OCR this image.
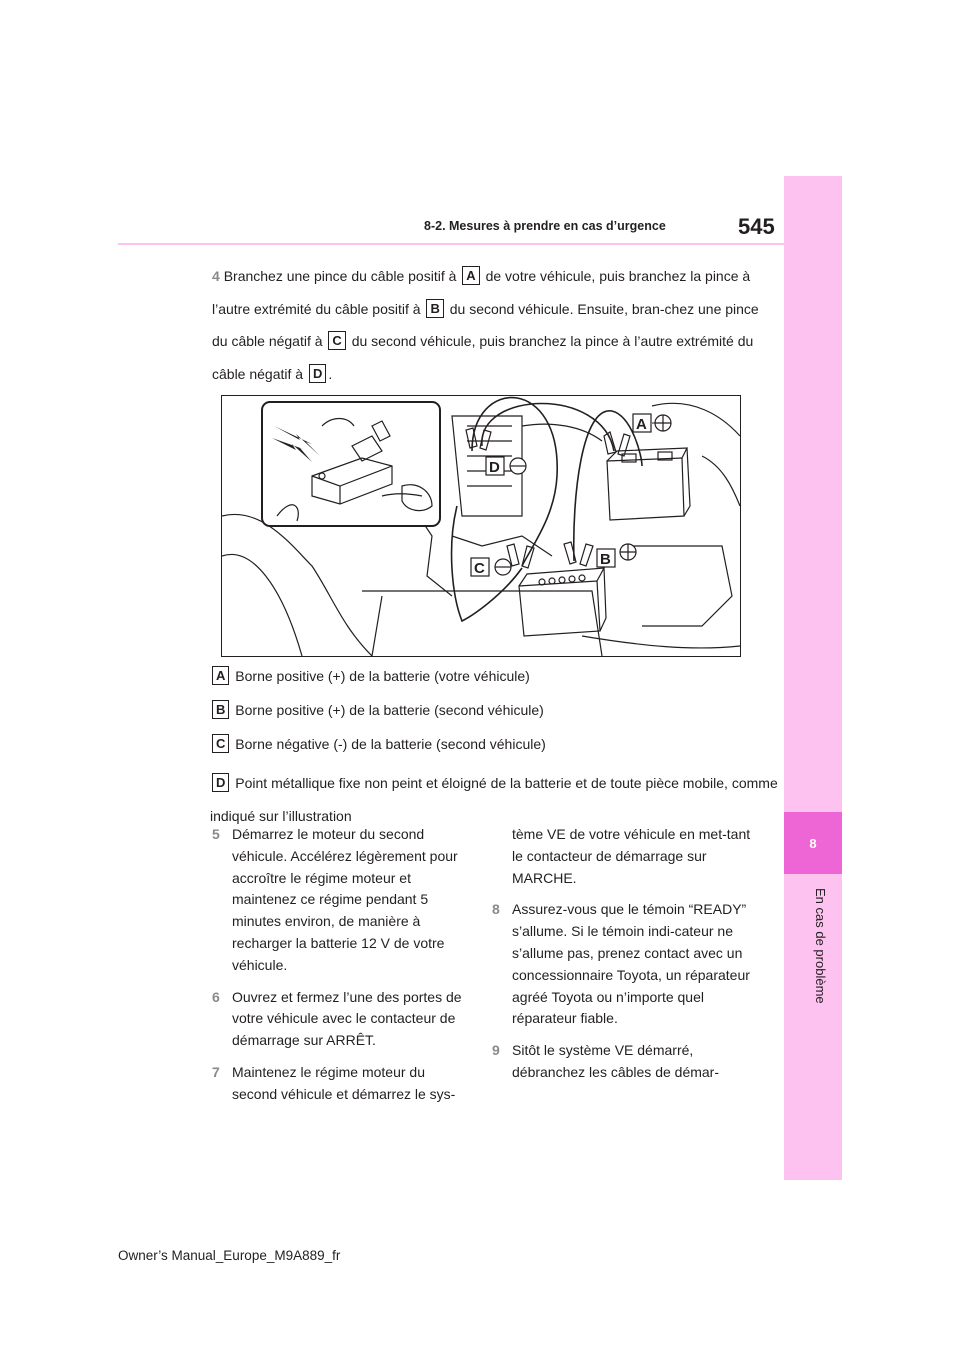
8
En cas de problème
8-2. Mesures à prendre en cas d’urgence	545
4 Branchez une pince du câble positif à A de votre véhicule, puis branchez la pince à l’autre extrémité du câble positif à B du second véhicule. Ensuite, bran-chez une pince du câble négatif à C du second véhicule, puis branchez la pince à l’autre extrémité du câble négatif à D .
A
D
B
C
A Borne positive (+) de la batterie (votre véhicule)
B Borne positive (+) de la batterie (second véhicule)
C Borne négative (-) de la batterie (second véhicule)
D Point métallique fixe non peint et éloigné de la batterie et de toute pièce mobile, comme indiqué sur l’illustration
5 Démarrez le moteur du second véhicule. Accélérez légèrement pour accroître le régime moteur et maintenez ce régime pendant 5 minutes environ, de manière à recharger la batterie 12 V de votre véhicule.
6 Ouvrez et fermez l’une des portes de votre véhicule avec le contacteur de démarrage sur ARRÊT.
7 Maintenez le régime moteur du second véhicule et démarrez le sys-
tème VE de votre véhicule en met-tant le contacteur de démarrage sur MARCHE.
8 Assurez-vous que le témoin “READY” s’allume. Si le témoin indi-cateur ne s’allume pas, prenez contact avec un concessionnaire Toyota, un réparateur agréé Toyota ou n’importe quel réparateur fiable.
9 Sitôt le système VE démarré, débranchez les câbles de démar-
Owner’s Manual_Europe_M9A889_fr
